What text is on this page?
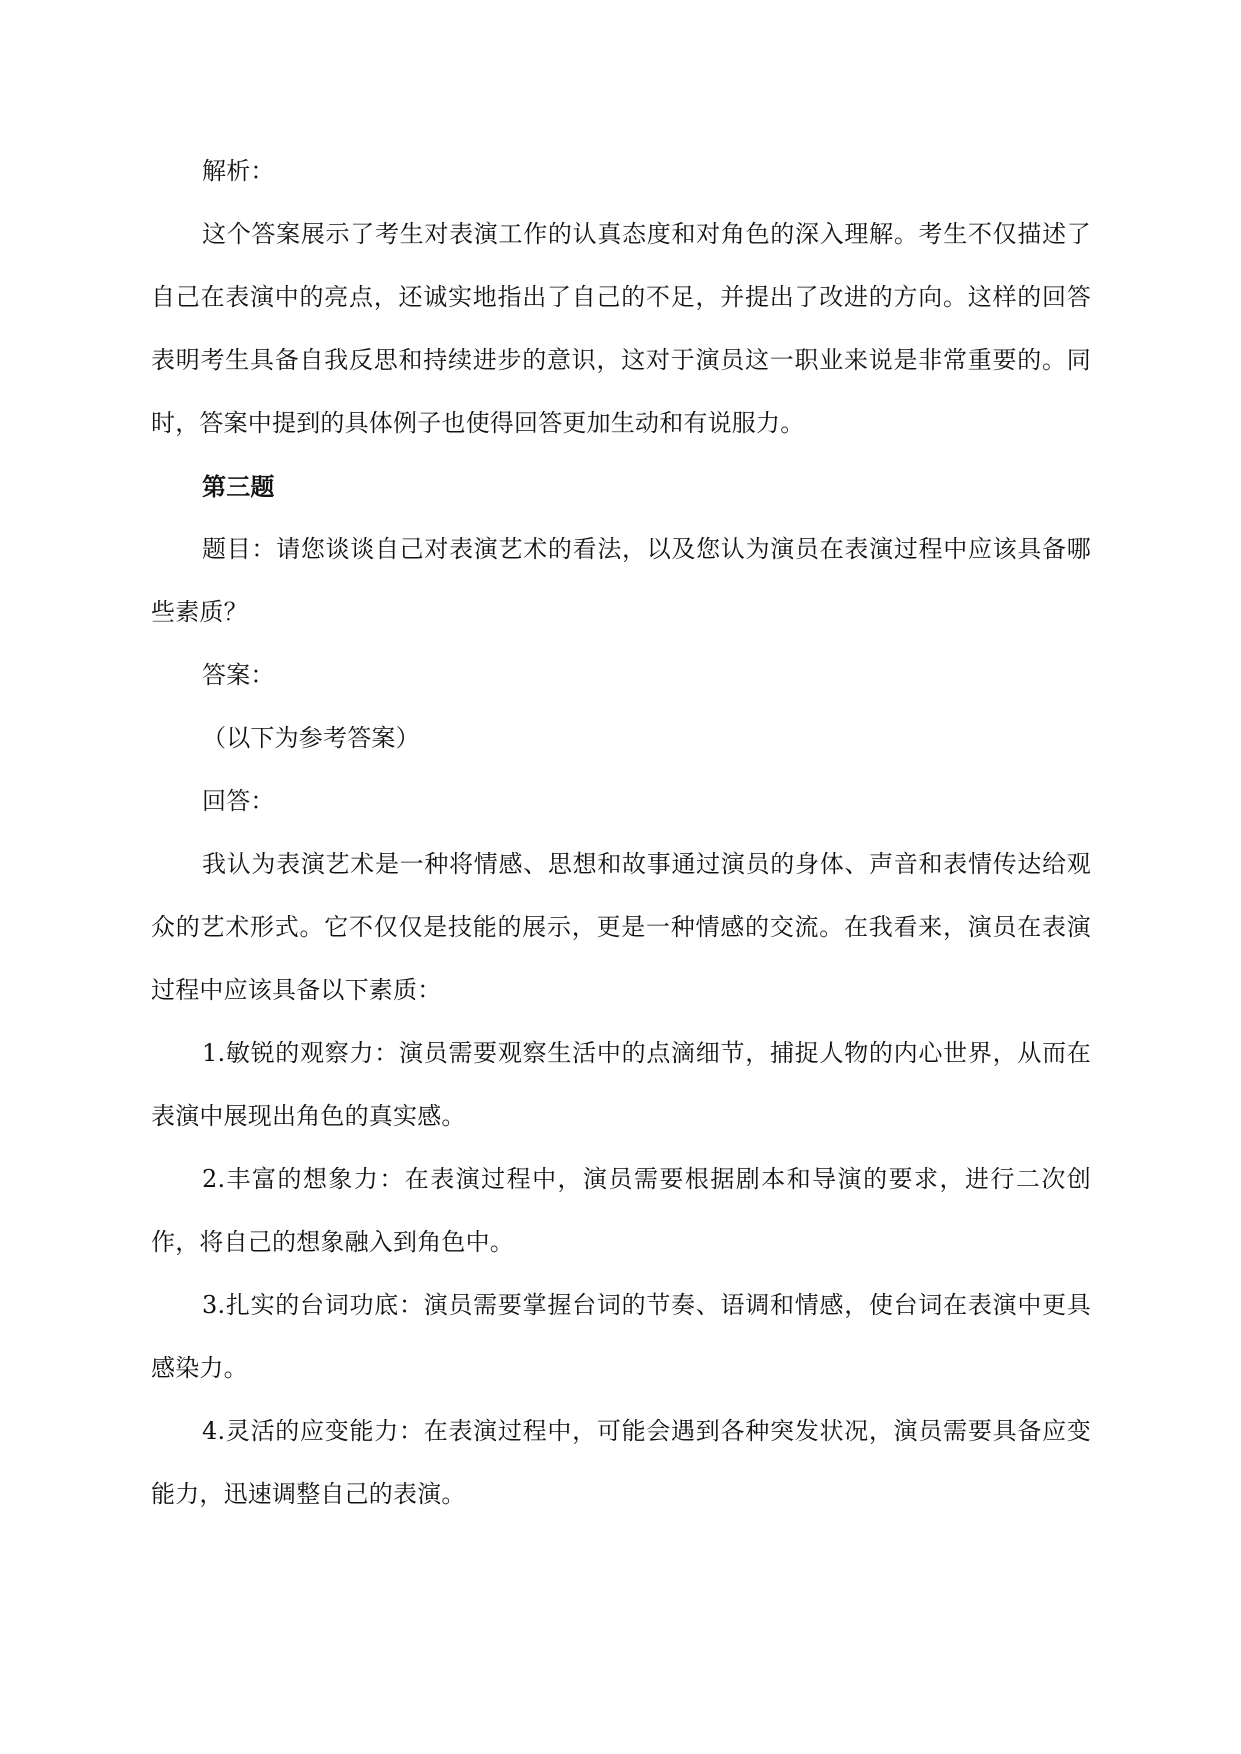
解析：

这个答案展示了考生对表演工作的认真态度和对角色的深入理解。考生不仅描述了自己在表演中的亮点，还诚实地指出了自己的不足，并提出了改进的方向。这样的回答表明考生具备自我反思和持续进步的意识，这对于演员这一职业来说是非常重要的。同时，答案中提到的具体例子也使得回答更加生动和有说服力。

第三题

题目：请您谈谈自己对表演艺术的看法，以及您认为演员在表演过程中应该具备哪些素质？

答案：

（以下为参考答案）

回答：

我认为表演艺术是一种将情感、思想和故事通过演员的身体、声音和表情传达给观众的艺术形式。它不仅仅是技能的展示，更是一种情感的交流。在我看来，演员在表演过程中应该具备以下素质：

1.敏锐的观察力：演员需要观察生活中的点滴细节，捕捉人物的内心世界，从而在表演中展现出角色的真实感。

2.丰富的想象力：在表演过程中，演员需要根据剧本和导演的要求，进行二次创作，将自己的想象融入到角色中。

3.扎实的台词功底：演员需要掌握台词的节奏、语调和情感，使台词在表演中更具感染力。

4.灵活的应变能力：在表演过程中，可能会遇到各种突发状况，演员需要具备应变能力，迅速调整自己的表演。
